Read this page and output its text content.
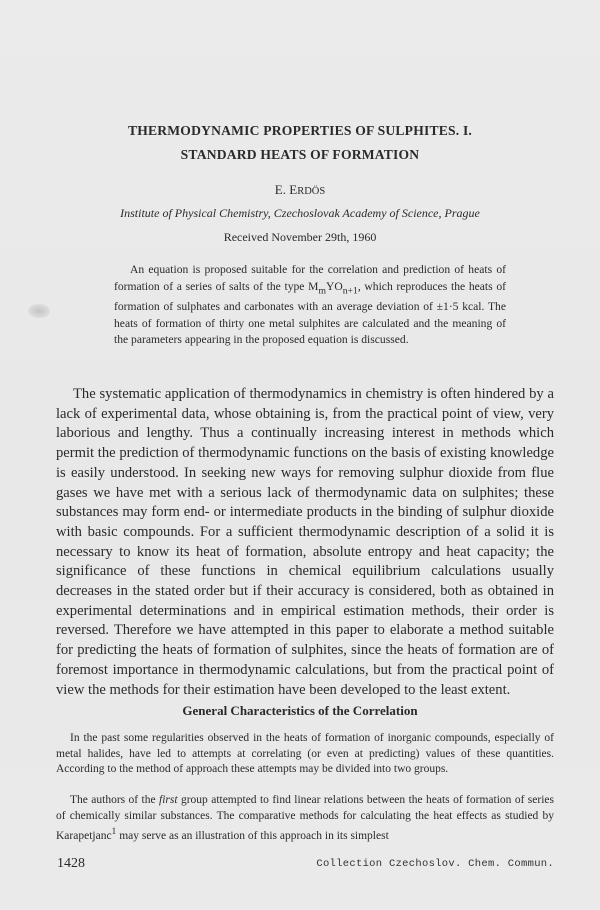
THERMODYNAMIC PROPERTIES OF SULPHITES. I.
STANDARD HEATS OF FORMATION
E. ERDÖS
Institute of Physical Chemistry, Czechoslovak Academy of Science, Prague
Received November 29th, 1960

An equation is proposed suitable for the correlation and prediction of heats of formation of a series of salts of the type $M_mYO_{n+1}$, which reproduces the heats of formation of sulphates and carbonates with an average deviation of ±1·5 kcal. The heats of formation of thirty one metal sulphites are calculated and the meaning of the parameters appearing in the proposed equation is discussed.

The systematic application of thermodynamics in chemistry is often hindered by a lack of experimental data, whose obtaining is, from the practical point of view, very laborious and lengthy. Thus a continually increasing interest in methods which permit the prediction of thermodynamic functions on the basis of existing knowledge is easily understood. In seeking new ways for removing sulphur dioxide from flue gases we have met with a serious lack of thermodynamic data on sulphites; these substances may form end- or intermediate products in the binding of sulphur dioxide with basic compounds. For a sufficient thermodynamic description of a solid it is necessary to know its heat of formation, absolute entropy and heat capacity; the significance of these functions in chemical equilibrium calculations usually decreases in the stated order but if their accuracy is considered, both as obtained in experimental determinations and in empirical estimation methods, their order is reversed. Therefore we have attempted in this paper to elaborate a method suitable for predicting the heats of formation of sulphites, since the heats of formation are of foremost importance in thermodynamic calculations, but from the practical point of view the methods for their estimation have been developed to the least extent.

General Characteristics of the Correlation

In the past some regularities observed in the heats of formation of inorganic compounds, especially of metal halides, have led to attempts at correlating (or even at predicting) values of these quantities. According to the method of approach these attempts may be divided into two groups.

The authors of the first group attempted to find linear relations between the heats of formation of series of chemically similar substances. The comparative methods for calculating the heat effects as studied by Karapetjanc$^1$ may serve as an illustration of this approach in its simplest

1428	Collection Czechoslov. Chem. Commun.
